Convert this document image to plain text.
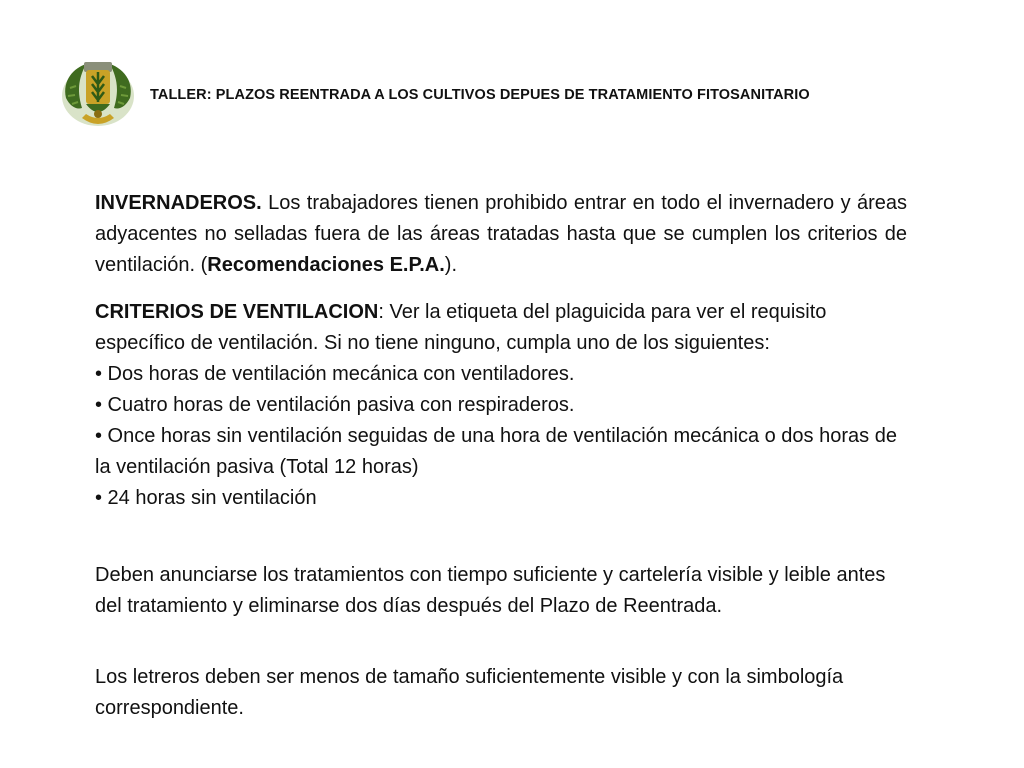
TALLER: PLAZOS REENTRADA A LOS CULTIVOS DEPUES DE TRATAMIENTO FITOSANITARIO
INVERNADEROS. Los trabajadores tienen prohibido entrar en todo el invernadero y áreas adyacentes no selladas fuera de las áreas tratadas hasta que se cumplen los criterios de ventilación. (Recomendaciones E.P.A.).
CRITERIOS DE VENTILACION: Ver la etiqueta del plaguicida para ver el requisito específico de ventilación. Si no tiene ninguno, cumpla uno de los siguientes:
• Dos horas de ventilación mecánica con ventiladores.
• Cuatro horas de ventilación pasiva con respiraderos.
• Once horas sin ventilación seguidas de una hora de ventilación mecánica o dos horas de la ventilación pasiva (Total 12 horas)
• 24 horas sin ventilación
Deben anunciarse los tratamientos con tiempo suficiente y cartelería visible y leible antes del tratamiento y eliminarse dos días después del Plazo de Reentrada.
Los letreros deben ser menos de tamaño suficientemente visible y con la simbología correspondiente.
